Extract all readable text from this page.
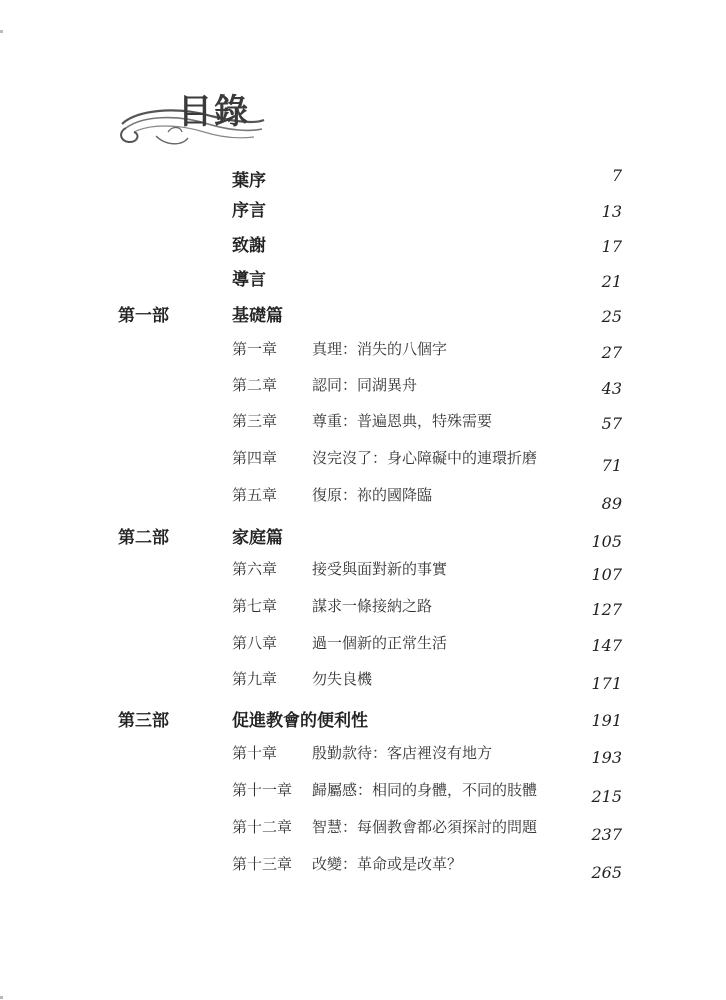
目錄
葉序	7
序言	13
致謝	17
導言	21
第一部	基礎篇	25
第一章 真理：消失的八個字	27
第二章 認同：同湖異舟	43
第三章 尊重：普遍恩典，特殊需要	57
第四章 沒完沒了：身心障礙中的連環折磨	71
第五章 復原：祢的國降臨	89
第二部	家庭篇	105
第六章 接受與面對新的事實	107
第七章 謀求一條接納之路	127
第八章 過一個新的正常生活	147
第九章 勿失良機	171
第三部	促進教會的便利性	191
第十章 殷勤款待：客店裡沒有地方	193
第十一章 歸屬感：相同的身體，不同的肢體	215
第十二章 智慧：每個教會都必須探討的問題	237
第十三章 改變：革命或是改革？	265
